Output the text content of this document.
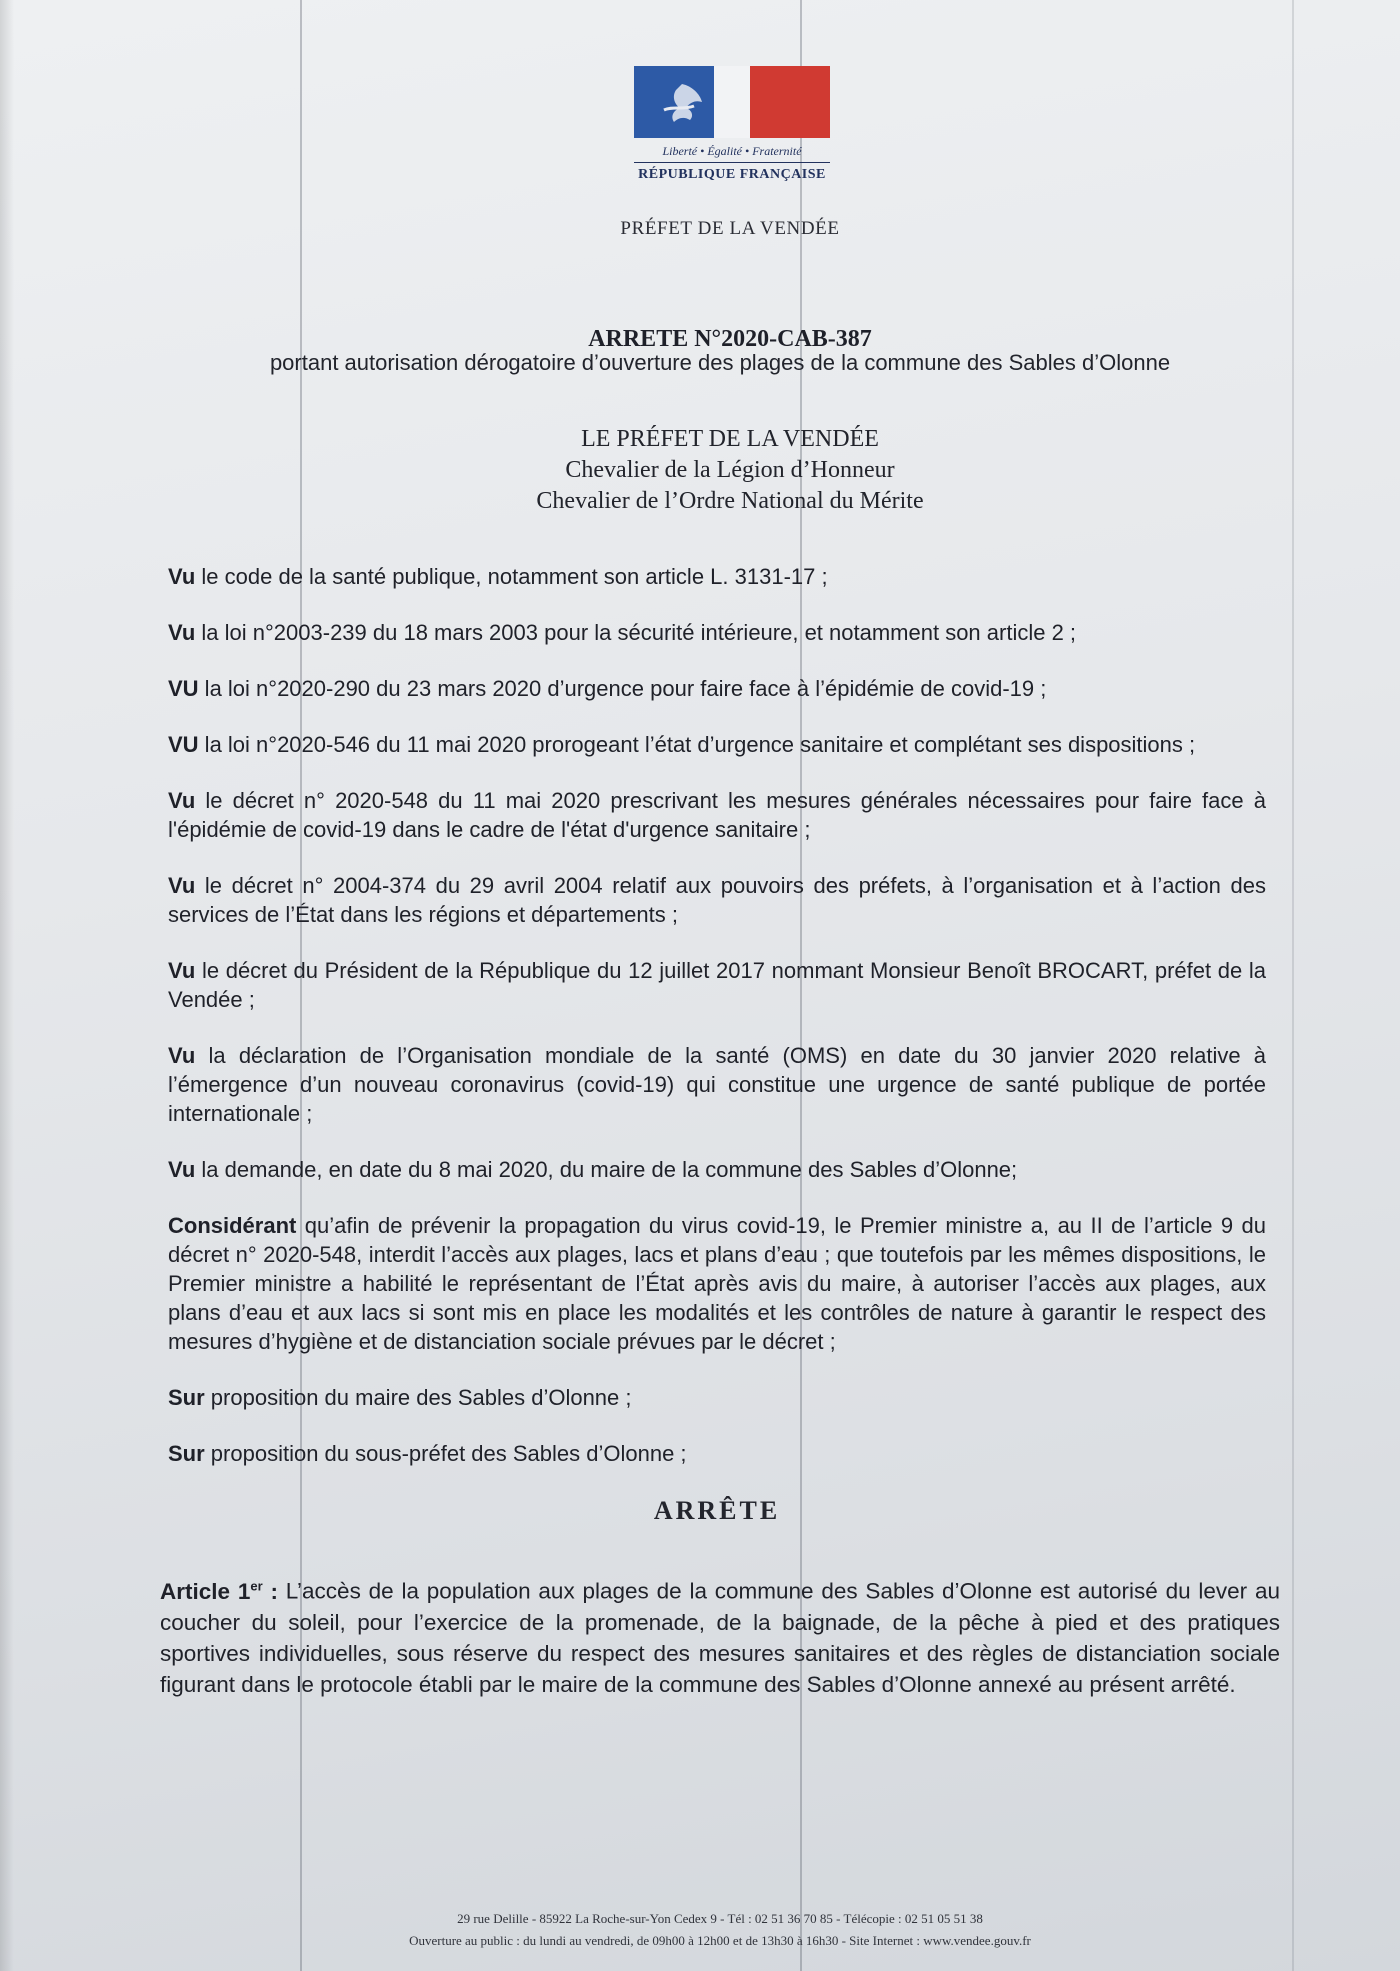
Liberté • Égalité • Fraternité
RÉPUBLIQUE FRANÇAISE
PRÉFET DE LA VENDÉE
ARRETE N°2020-CAB-387
portant autorisation dérogatoire d’ouverture des plages de la commune des Sables d’Olonne
LE PRÉFET DE LA VENDÉE
Chevalier de la Légion d’Honneur
Chevalier de l’Ordre National du Mérite

Vu le code de la santé publique, notamment son article L. 3131-17 ;

Vu la loi n°2003-239 du 18 mars 2003 pour la sécurité intérieure, et notamment son article 2 ;

VU la loi n°2020-290 du 23 mars 2020 d’urgence pour faire face à l’épidémie de covid-19 ;

VU la loi n°2020-546 du 11 mai 2020 prorogeant l’état d’urgence sanitaire et complétant ses dispositions ;

Vu le décret n° 2020-548 du 11 mai 2020 prescrivant les mesures générales nécessaires pour faire face à l'épidémie de covid-19 dans le cadre de l'état d'urgence sanitaire ;

Vu le décret n° 2004-374 du 29 avril 2004 relatif aux pouvoirs des préfets, à l’organisation et à l’action des services de l’État dans les régions et départements ;

Vu le décret du Président de la République du 12 juillet 2017 nommant Monsieur Benoît BROCART, préfet de la Vendée ;

Vu la déclaration de l’Organisation mondiale de la santé (OMS) en date du 30 janvier 2020 relative à l’émergence d’un nouveau coronavirus (covid-19) qui constitue une urgence de santé publique de portée internationale ;

Vu la demande, en date du 8 mai 2020, du maire de la commune des Sables d’Olonne;

Considérant qu’afin de prévenir la propagation du virus covid-19, le Premier ministre a, au II de l’article 9 du décret n° 2020-548, interdit l’accès aux plages, lacs et plans d’eau ; que toutefois par les mêmes dispositions, le Premier ministre a habilité le représentant de l’État après avis du maire, à autoriser l’accès aux plages, aux plans d’eau et aux lacs si sont mis en place les modalités et les contrôles de nature à garantir le respect des mesures d’hygiène et de distanciation sociale prévues par le décret ;

Sur proposition du maire des Sables d’Olonne ;

Sur proposition du sous-préfet des Sables d’Olonne ;

ARRÊTE

Article 1er : L’accès de la population aux plages de la commune des Sables d’Olonne est autorisé du lever au coucher du soleil, pour l’exercice de la promenade, de la baignade, de la pêche à pied et des pratiques sportives individuelles, sous réserve du respect des mesures sanitaires et des règles de distanciation sociale figurant dans le protocole établi par le maire de la commune des Sables d’Olonne annexé au présent arrêté.

29 rue Delille - 85922 La Roche-sur-Yon Cedex 9 - Tél : 02 51 36 70 85 - Télécopie : 02 51 05 51 38
Ouverture au public : du lundi au vendredi, de 09h00 à 12h00 et de 13h30 à 16h30 - Site Internet : www.vendee.gouv.fr
